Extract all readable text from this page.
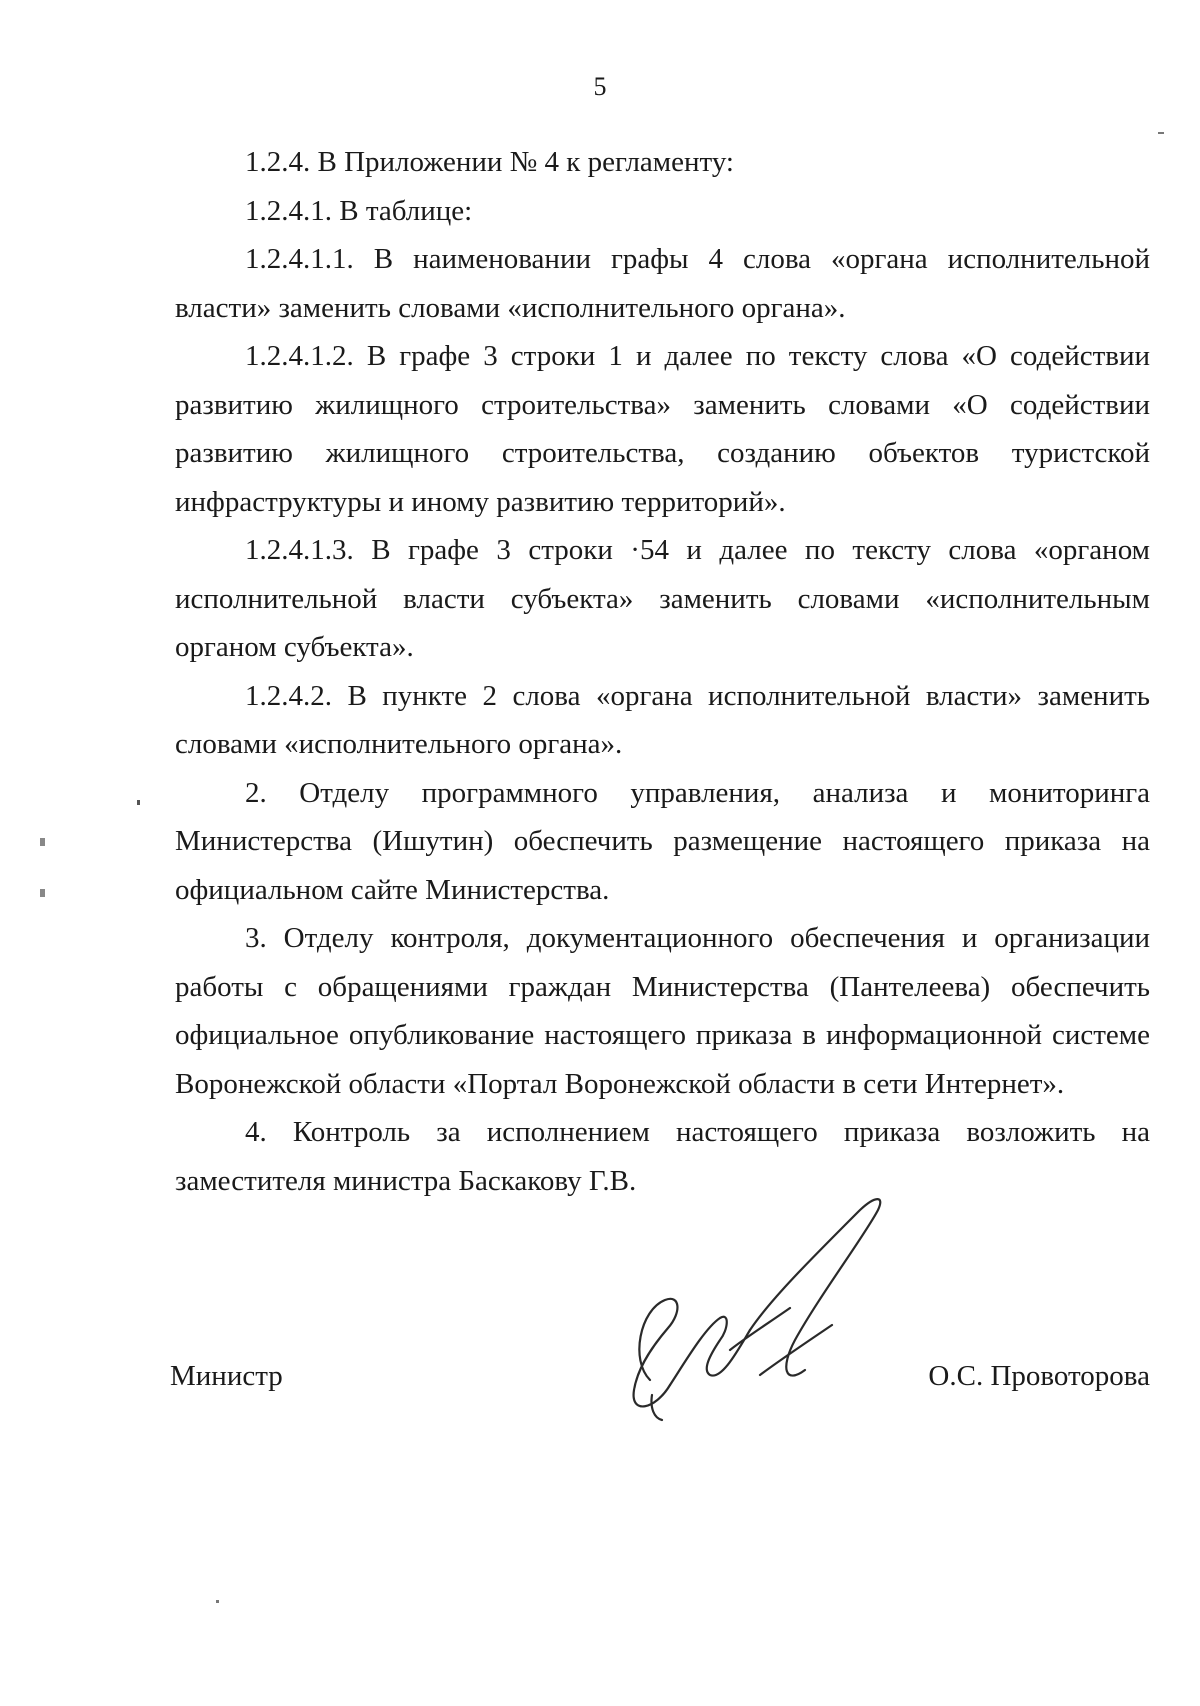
5

1.2.4. В Приложении № 4 к регламенту:

1.2.4.1. В таблице:

1.2.4.1.1. В наименовании графы 4 слова «органа исполнительной власти» заменить словами «исполнительного органа».

1.2.4.1.2. В графе 3 строки 1 и далее по тексту слова «О содействии развитию жилищного строительства» заменить словами «О содействии развитию жилищного строительства, созданию объектов туристской инфраструктуры и иному развитию территорий».

1.2.4.1.3. В графе 3 строки ·54 и далее по тексту слова «органом исполнительной власти субъекта» заменить словами «исполнительным органом субъекта».

1.2.4.2. В пункте 2 слова «органа исполнительной власти» заменить словами «исполнительного органа».

2. Отделу программного управления, анализа и мониторинга Министерства (Ишутин) обеспечить размещение настоящего приказа на официальном сайте Министерства.

3. Отделу контроля, документационного обеспечения и организации работы с обращениями граждан Министерства (Пантелеева) обеспечить официальное опубликование настоящего приказа в информационной системе Воронежской области «Портал Воронежской области в сети Интернет».

4. Контроль за исполнением настоящего приказа возложить на заместителя министра Баскакову Г.В.

Министр	О.С. Провоторова
